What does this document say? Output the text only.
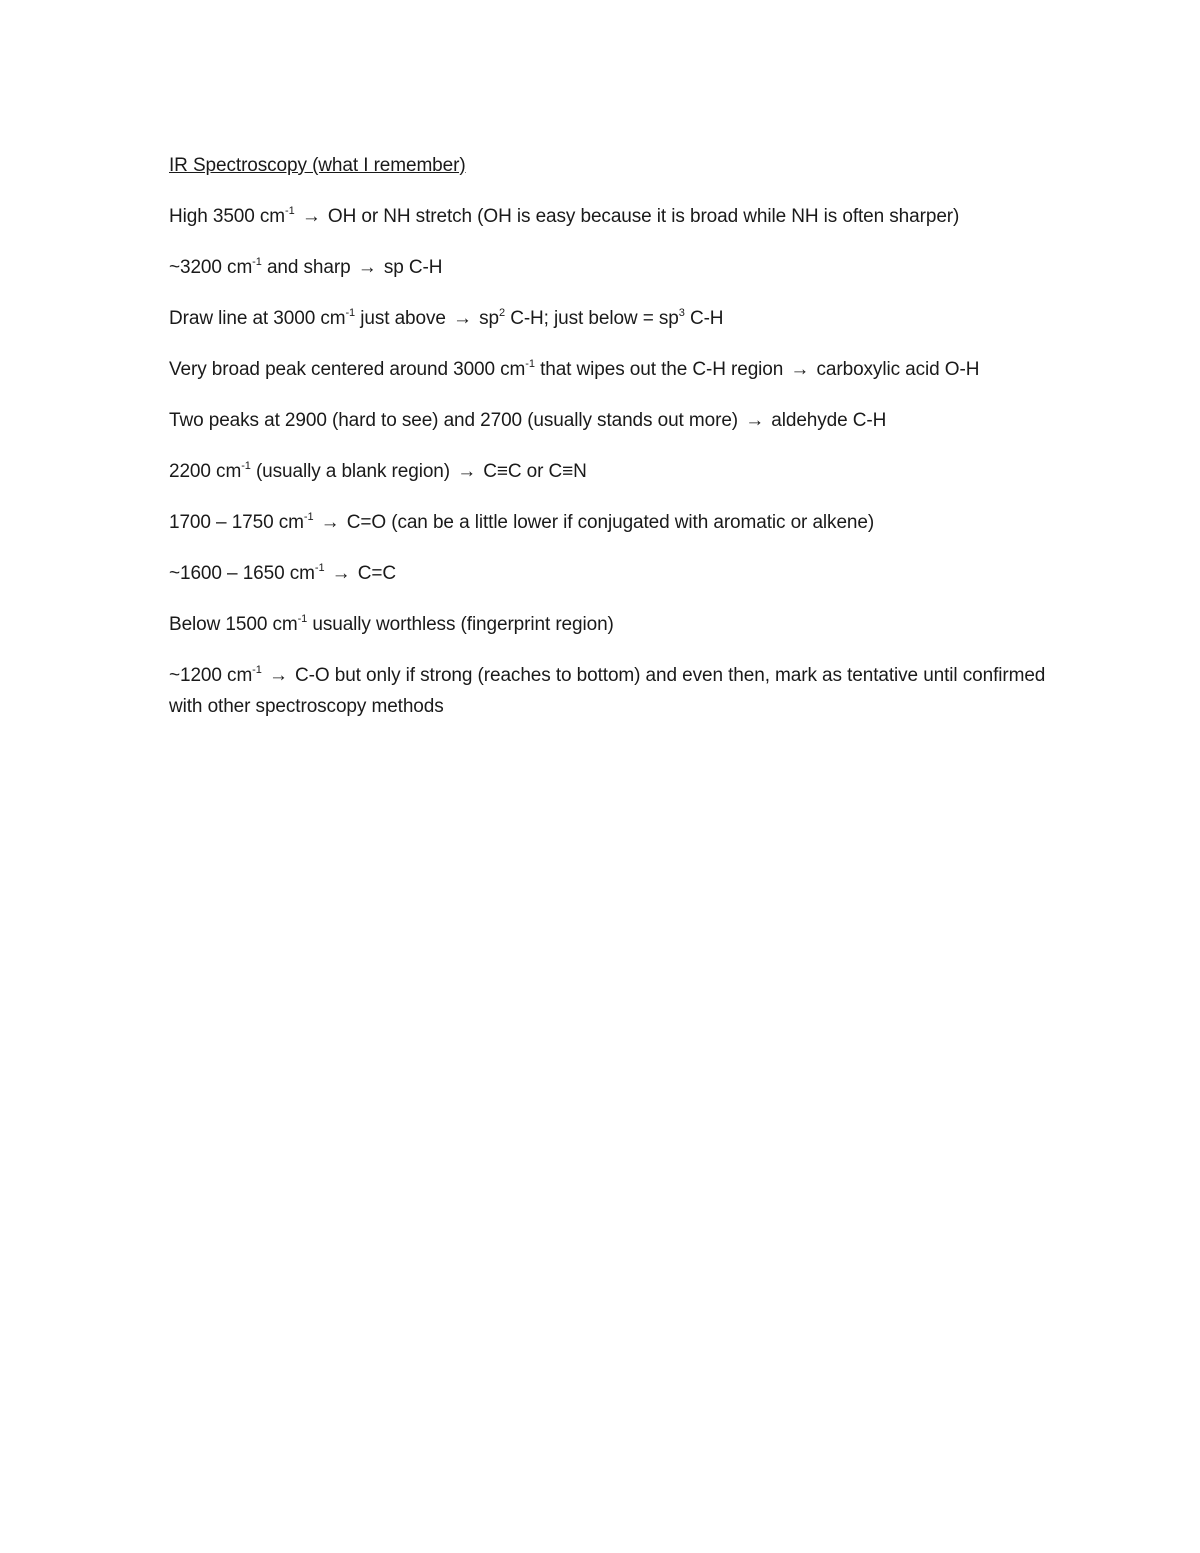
IR Spectroscopy (what I remember)
High 3500 $cm^{-1}$ → OH or NH stretch (OH is easy because it is broad while NH is often sharper)
~3200 $cm^{-1}$ and sharp → sp C-H
Draw line at 3000 $cm^{-1}$ just above → $sp^2$ C-H; just below = $sp^3$ C-H
Very broad peak centered around 3000 $cm^{-1}$ that wipes out the C-H region → carboxylic acid O-H
Two peaks at 2900 (hard to see) and 2700 (usually stands out more) → aldehyde C-H
2200 $cm^{-1}$ (usually a blank region) → C≡C or C≡N
1700 – 1750 $cm^{-1} \to C=O$ (can be a little lower if conjugated with aromatic or alkene)
~1600 – 1650 $cm^{-1} \to C=C$
Below 1500 $cm^{-1}$ usually worthless (fingerprint region)
~1200 $cm^{-1} \to C-O$ but only if strong (reaches to bottom) and even then, mark as tentative until confirmed with other spectroscopy methods
